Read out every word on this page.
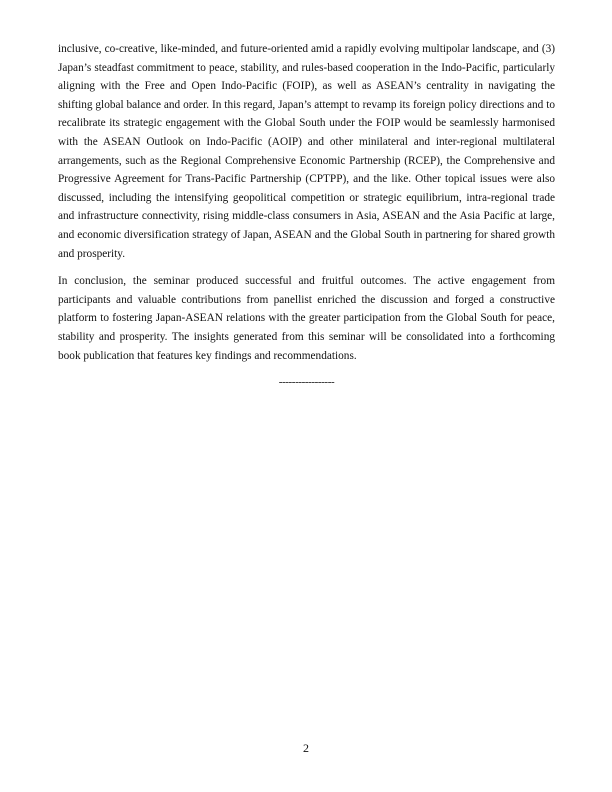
inclusive, co-creative, like-minded, and future-oriented amid a rapidly evolving multipolar landscape, and (3) Japan’s steadfast commitment to peace, stability, and rules-based cooperation in the Indo-Pacific, particularly aligning with the Free and Open Indo-Pacific (FOIP), as well as ASEAN’s centrality in navigating the shifting global balance and order. In this regard, Japan’s attempt to revamp its foreign policy directions and to recalibrate its strategic engagement with the Global South under the FOIP would be seamlessly harmonised with the ASEAN Outlook on Indo-Pacific (AOIP) and other minilateral and inter-regional multilateral arrangements, such as the Regional Comprehensive Economic Partnership (RCEP), the Comprehensive and Progressive Agreement for Trans-Pacific Partnership (CPTPP), and the like. Other topical issues were also discussed, including the intensifying geopolitical competition or strategic equilibrium, intra-regional trade and infrastructure connectivity, rising middle-class consumers in Asia, ASEAN and the Asia Pacific at large, and economic diversification strategy of Japan, ASEAN and the Global South in partnering for shared growth and prosperity.

In conclusion, the seminar produced successful and fruitful outcomes. The active engagement from participants and valuable contributions from panellist enriched the discussion and forged a constructive platform to fostering Japan-ASEAN relations with the greater participation from the Global South for peace, stability and prosperity. The insights generated from this seminar will be consolidated into a forthcoming book publication that features key findings and recommendations.

-----------------
2
